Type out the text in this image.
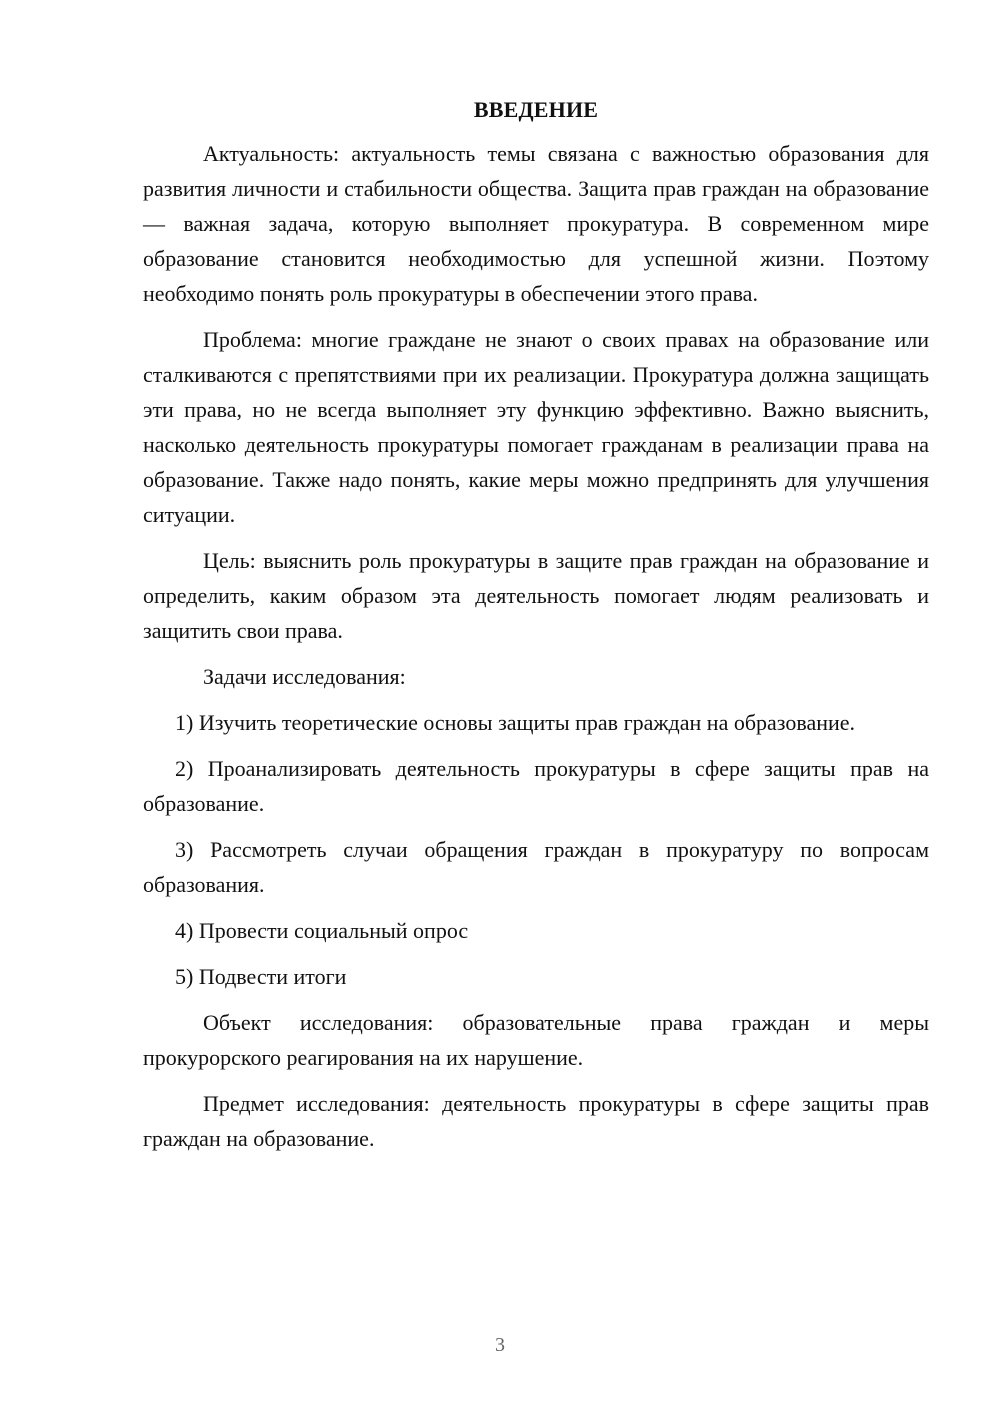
ВВЕДЕНИЕ

Актуальность: актуальность темы связана с важностью образования для развития личности и стабильности общества. Защита прав граждан на образование — важная задача, которую выполняет прокуратура. В современном мире образование становится необходимостью для успешной жизни. Поэтому необходимо понять роль прокуратуры в обеспечении этого права.

Проблема: многие граждане не знают о своих правах на образование или сталкиваются с препятствиями при их реализации. Прокуратура должна защищать эти права, но не всегда выполняет эту функцию эффективно. Важно выяснить, насколько деятельность прокуратуры помогает гражданам в реализации права на образование. Также надо понять, какие меры можно предпринять для улучшения ситуации.

Цель: выяснить роль прокуратуры в защите прав граждан на образование и определить, каким образом эта деятельность помогает людям реализовать и защитить свои права.

Задачи исследования:

1) Изучить теоретические основы защиты прав граждан на образование.

2) Проанализировать деятельность прокуратуры в сфере защиты прав на образование.

3) Рассмотреть случаи обращения граждан в прокуратуру по вопросам образования.

4) Провести социальный опрос

5) Подвести итоги

Объект исследования: образовательные права граждан и меры прокурорского реагирования на их нарушение.

Предмет исследования: деятельность прокуратуры в сфере защиты прав граждан на образование.

3
